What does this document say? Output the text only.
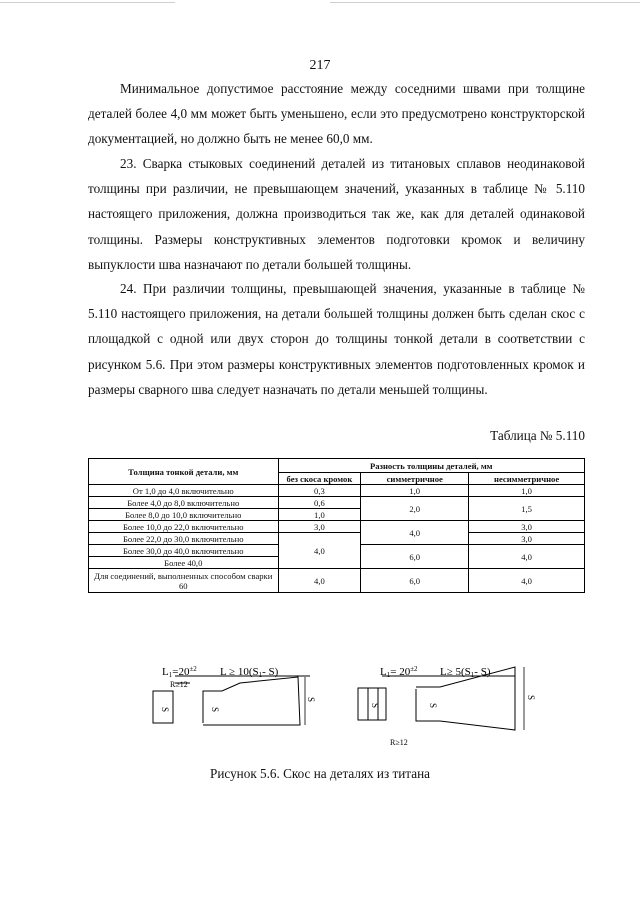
217

Минимальное допустимое расстояние между соседними швами при толщине деталей более 4,0 мм может быть уменьшено, если это предусмотрено конструкторской документацией, но должно быть не менее 60,0 мм.

23. Сварка стыковых соединений деталей из титановых сплавов неодинаковой толщины при различии, не превышающем значений, указанных в таблице № 5.110 настоящего приложения, должна производиться так же, как для деталей одинаковой толщины. Размеры конструктивных элементов подготовки кромок и величину выпуклости шва назначают по детали большей толщины.

24. При различии толщины, превышающей значения, указанные в таблице № 5.110 настоящего приложения, на детали большей толщины должен быть сделан скос с площадкой с одной или двух сторон до толщины тонкой детали в соответствии с рисунком 5.6. При этом размеры конструктивных элементов подготовленных кромок и размеры сварного шва следует назначать по детали меньшей толщины.

Таблица № 5.110
Толщина тонкой детали, мм	Разность толщины деталей, мм		
	без скоса кромок	симметричное	несимметричное
От 1,0 до 4,0 включительно	0,3	1,0	1,0
Более 4,0 до 8,0 включительно	0,6	2,0	1,5
Более 8,0 до 10,0 включительно	1,0		
Более 10,0 до 22,0 включительно	3,0	4,0	3,0
Более 22,0 до 30,0 включительно	4,0		3,0
Более 30,0 до 40,0 включительно		6,0	4,0
Более 40,0			
Для соединений, выполненных способом сварки 60	4,0	6,0	4,0
$L1=20^{\pm 2}$ L ≥ 10(S1- S)
R≥12
S	S
S
$L1= 20^{\pm 2}$ L≥ 5(S1- S)
R≥12
S	S
S
Рисунок 5.6. Скос на деталях из титана
